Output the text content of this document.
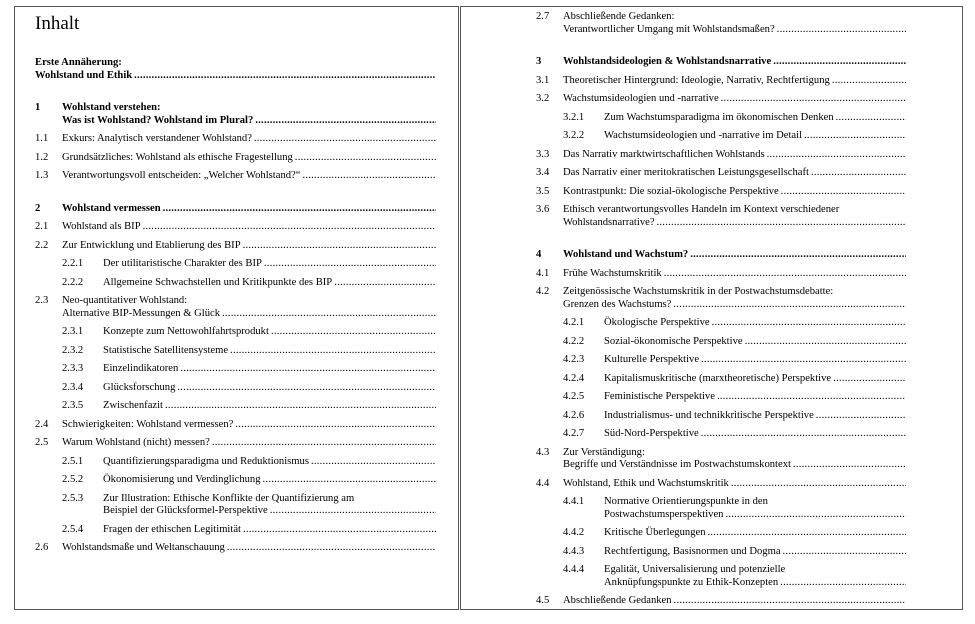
Inhalt
Erste Annäherung:
Wohlstand und Ethik
. . .
1 Wohlstand verstehen:
Was ist Wohlstand? Wohlstand im Plural?
. . .
1.1 Exkurs: Analytisch verstandener Wohlstand?
. . .
1.2 Grundsätzliches: Wohlstand als ethische Fragestellung
. . .
1.3 Verantwortungsvoll entscheiden: „Welcher Wohlstand?“
. . .
2 Wohlstand vermessen
. . .
2.1 Wohlstand als BIP
. . .
2.2 Zur Entwicklung und Etablierung des BIP
. . .
2.2.1 Der utilitaristische Charakter des BIP
. . .
2.2.2 Allgemeine Schwachstellen und Kritikpunkte des BIP
. . .
2.3 Neo-quantitativer Wohlstand:
Alternative BIP-Messungen & Glück
. . .
2.3.1 Konzepte zum Nettowohlfahrtsprodukt
. . .
2.3.2 Statistische Satellitensysteme
. . .
2.3.3 Einzelindikatoren
. . .
2.3.4 Glücksforschung
. . .
2.3.5 Zwischenfazit
. . .
2.4 Schwierigkeiten: Wohlstand vermessen?
. . .
2.5 Warum Wohlstand (nicht) messen?
. . .
2.5.1 Quantifizierungsparadigma und Reduktionismus
. . .
2.5.2 Ökonomisierung und Verdinglichung
. . .
2.5.3 Zur Illustration: Ethische Konflikte der Quantifizierung am
Beispiel der Glücksformel-Perspektive
. . .
2.5.4 Fragen der ethischen Legitimität
. . .
2.6 Wohlstandsmaße und Weltanschauung
. . .
2.7 Abschließende Gedanken:
Verantwortlicher Umgang mit Wohlstandsmaßen?
. . .
3 Wohlstandsideologien & Wohlstandsnarrative
. . .
3.1 Theoretischer Hintergrund: Ideologie, Narrativ, Rechtfertigung
. . .
3.2 Wachstumsideologien und -narrative
. . .
3.2.1 Zum Wachstumsparadigma im ökonomischen Denken
. . .
3.2.2 Wachstumsideologien und -narrative im Detail
. . .
3.3 Das Narrativ marktwirtschaftlichen Wohlstands
. . .
3.4 Das Narrativ einer meritokratischen Leistungsgesellschaft
. . .
3.5 Kontrastpunkt: Die sozial-ökologische Perspektive
. . .
3.6 Ethisch verantwortungsvolles Handeln im Kontext verschiedener
Wohlstandsnarrative?
. . .
4 Wohlstand und Wachstum?
. . .
4.1 Frühe Wachstumskritik
. . .
4.2 Zeitgenössische Wachstumskritik in der Postwachstumsdebatte:
Grenzen des Wachstums?
. . .
4.2.1 Ökologische Perspektive
. . .
4.2.2 Sozial-ökonomische Perspektive
. . .
4.2.3 Kulturelle Perspektive
. . .
4.2.4 Kapitalismuskritische (marxtheoretische) Perspektive
. . .
4.2.5 Feministische Perspektive
. . .
4.2.6 Industrialismus- und technikkritische Perspektive
. . .
4.2.7 Süd-Nord-Perspektive
. . .
4.3 Zur Verständigung:
Begriffe und Verständnisse im Postwachstumskontext
. . .
4.4 Wohlstand, Ethik und Wachstumskritik
. . .
4.4.1 Normative Orientierungspunkte in den
Postwachstumsperspektiven
. . .
4.4.2 Kritische Überlegungen
. . .
4.4.3 Rechtfertigung, Basisnormen und Dogma
. . .
4.4.4 Egalität, Universalisierung und potenzielle
Anknüpfungspunkte zu Ethik-Konzepten
. . .
4.5 Abschließende Gedanken
. . .
